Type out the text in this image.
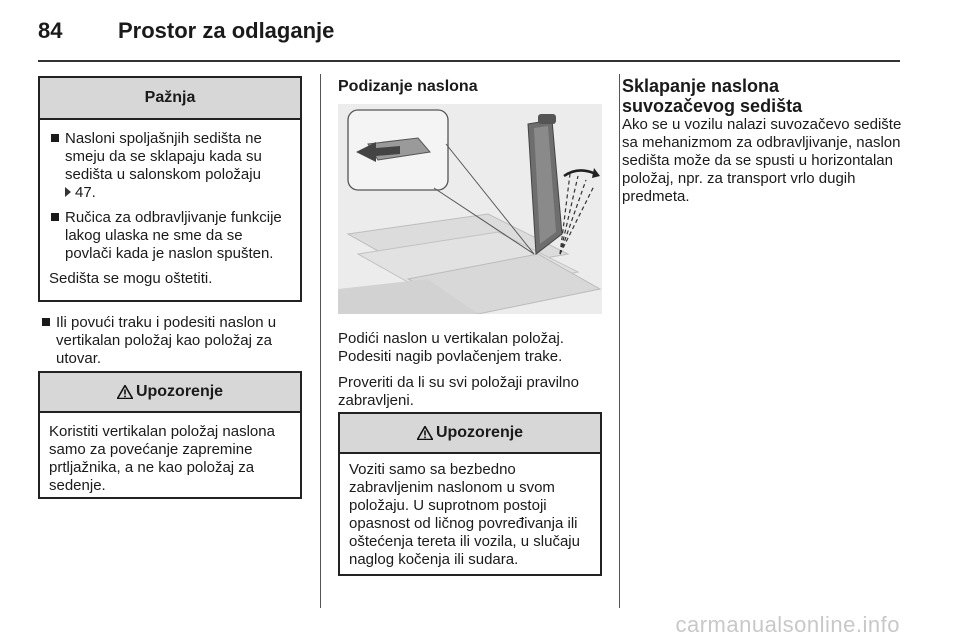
84	Prostor za odlaganje
Pažnja
Nasloni spoljašnjih sedišta ne smeju da se sklapaju kada su sedišta u salonskom položaju
47.
Ručica za odbravljivanje funkcije lakog ulaska ne sme da se povlači kada je naslon spušten.

Sedišta se mogu oštetiti.

Ili povući traku i podesiti naslon u vertikalan položaj kao položaj za utovar.
Upozorenje

Koristiti vertikalan položaj naslona samo za povećanje zapremine prtljažnika, a ne kao položaj za sedenje.

Podizanje naslona

Podići naslon u vertikalan položaj. Podesiti nagib povlačenjem trake.

Proveriti da li su svi položaji pravilno zabravljeni.

Upozorenje

Voziti samo sa bezbedno zabravljenim naslonom u svom položaju. U suprotnom postoji opasnost od ličnog povređivanja ili oštećenja tereta ili vozila, u slučaju naglog kočenja ili sudara.

Sklapanje naslona
suvozačevog sedišta

Ako se u vozilu nalazi suvozačevo sedište sa mehanizmom za odbravljivanje, naslon sedišta može da se spusti u horizontalan položaj, npr. za transport vrlo dugih predmeta.

carmanualsonline.info
